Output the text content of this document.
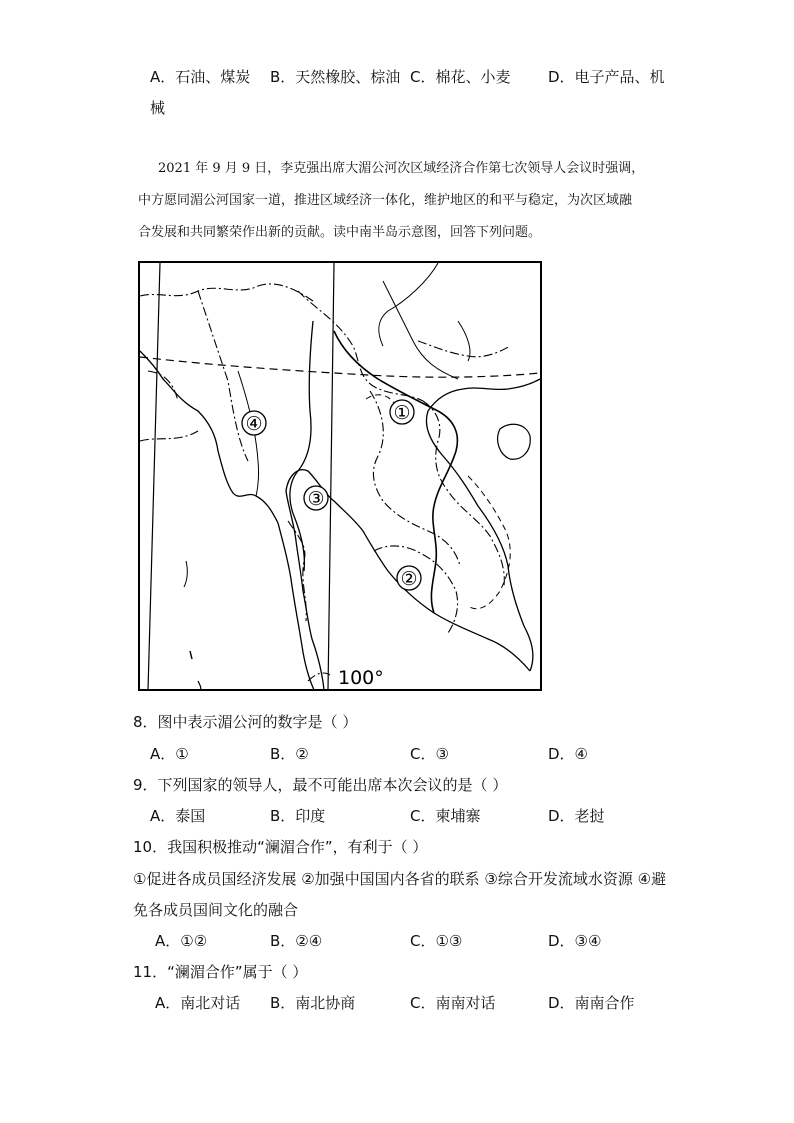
A．石油、煤炭 B．天然橡胶、棕油 C．棉花、小麦	D．电子产品、机
械
2021 年 9 月 9 日，李克强出席大湄公河次区域经济合作第七次领导人会议时强调，
中方愿同湄公河国家一道，推进区域经济一体化，维护地区的和平与稳定，为次区域融
合发展和共同繁荣作出新的贡献。读中南半岛示意图，回答下列问题。
①
②
③
④
100°
8．图中表示湄公河的数字是（ ）
A．①	B．②	C．③	D．④
9．下列国家的领导人，最不可能出席本次会议的是（ ）
A．泰国	B．印度	C．柬埔寨	D．老挝
10．我国积极推动“澜湄合作”，有利于（ ）
①促进各成员国经济发展 ②加强中国国内各省的联系 ③综合开发流域水资源 ④避
免各成员国间文化的融合
A．①②	B．②④	C．①③	D．③④
11．“澜湄合作”属于（ ）
A．南北对话 B．南北协商	C．南南对话	D．南南合作
